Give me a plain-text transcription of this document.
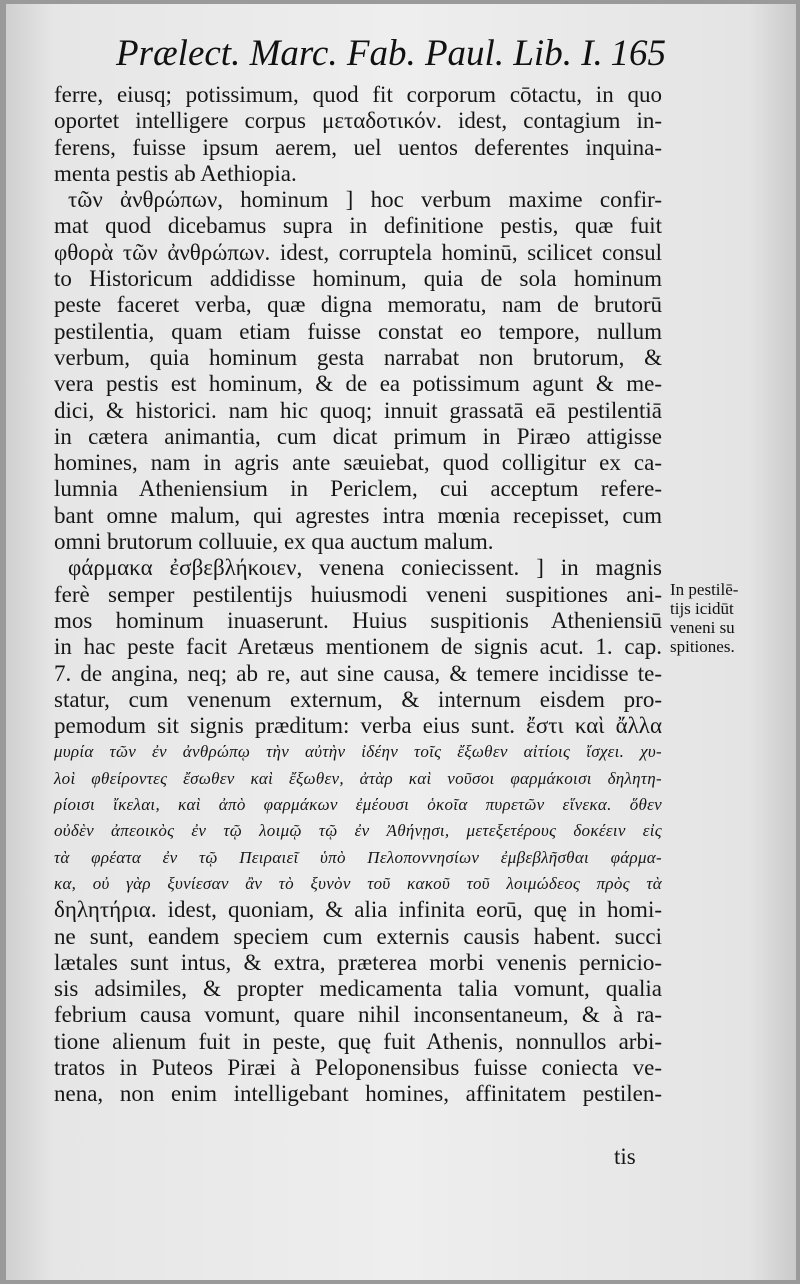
Prælect. Marc. Fab. Paul. Lib. I. 165

ferre, eiusq; potissimum, quod fit corporum cōtactu, in quo
oportet intelligere corpus μεταδοτικόν. idest, contagium in-
ferens, fuisse ipsum aerem, uel uentos deferentes inquina-
menta pestis ab Aethiopia.
τῶν ἀνθρώπων, hominum ] hoc verbum maxime confir-
mat quod dicebamus supra in definitione pestis, quæ fuit
φθορὰ τῶν ἀνθρώπων. idest, corruptela hominū, scilicet consul
to Historicum addidisse hominum, quia de sola hominum
peste faceret verba, quæ digna memoratu, nam de brutorū
pestilentia, quam etiam fuisse constat eo tempore, nullum
verbum, quia hominum gesta narrabat non brutorum, &
vera pestis est hominum, & de ea potissimum agunt & me-
dici, & historici. nam hic quoq; innuit grassatā eā pestilentiā
in cætera animantia, cum dicat primum in Piræo attigisse
homines, nam in agris ante sæuiebat, quod colligitur ex ca-
lumnia Atheniensium in Periclem, cui acceptum refere-
bant omne malum, qui agrestes intra mœnia recepisset, cum
omni brutorum colluuie, ex qua auctum malum.
φάρμακα ἐσβεβλήκοιεν, venena coniecissent. ] in magnis
ferè semper pestilentijs huiusmodi veneni suspitiones ani-
mos hominum inuaserunt. Huius suspitionis Atheniensiū
in hac peste facit Aretæus mentionem de signis acut. 1. cap.
7. de angina, neq; ab re, aut sine causa, & temere incidisse te-
statur, cum venenum externum, & internum eisdem pro-
pemodum sit signis præditum: verba eius sunt. ἔστι καὶ ἄλλα
μυρία τῶν ἐν ἀνθρώπῳ τὴν αὐτὴν ἰδέην τοῖς ἔξωθεν αἰτίοις ἴσχει. χυ-
λοὶ φθείροντες ἔσωθεν καὶ ἔξωθεν, ἀτὰρ καὶ νοῦσοι φαρμάκοισι δηλητη-
ρίοισι ἴκελαι, καὶ ἀπὸ φαρμάκων ἐμέουσι ὁκοῖα πυρετῶν εἵνεκα. ὅθεν
οὐδὲν ἀπεοικὸς ἐν τῷ λοιμῷ τῷ ἐν Ἀθήνῃσι, μετεξετέρους δοκέειν εἰς
τὰ φρέατα ἐν τῷ Πειραιεῖ ὑπὸ Πελοποννησίων ἐμβεβλῆσθαι φάρμα-
κα, οὐ γὰρ ξυνίεσαν ἂν τὸ ξυνὸν τοῦ κακοῦ τοῦ λοιμώδεος πρὸς τὰ
δηλητήρια. idest, quoniam, & alia infinita eorū, quę in homi-
ne sunt, eandem speciem cum externis causis habent. succi
lætales sunt intus, & extra, præterea morbi venenis pernicio-
sis adsimiles, & propter medicamenta talia vomunt, qualia
febrium causa vomunt, quare nihil inconsentaneum, & à ra-
tione alienum fuit in peste, quę fuit Athenis, nonnullos arbi-
tratos in Puteos Piræi à Peloponensibus fuisse coniecta ve-
nena, non enim intelligebant homines, affinitatem pestilen-
tis
In pestilē-
tijs icidūt
veneni su
spitiones.
